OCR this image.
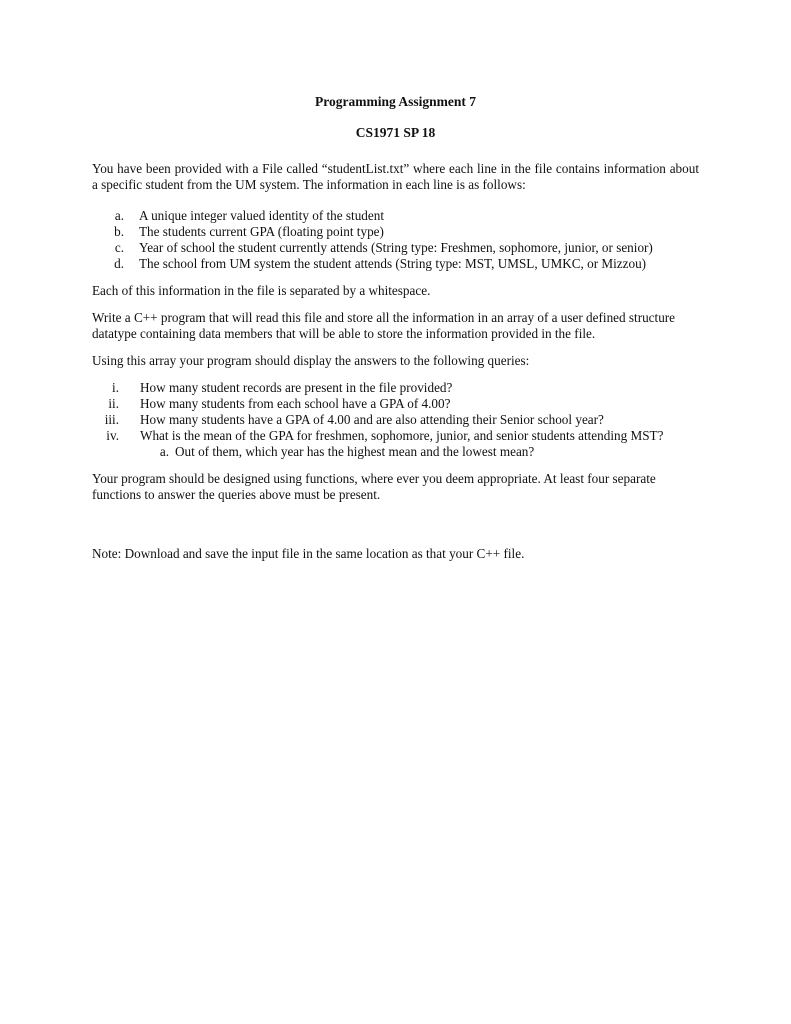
Programming Assignment 7

CS1971 SP 18

You have been provided with a File called “studentList.txt” where each line in the file contains information about a specific student from the UM system. The information in each line is as follows:

a. A unique integer valued identity of the student
b. The students current GPA (floating point type)
c. Year of school the student currently attends (String type: Freshmen, sophomore, junior, or senior)
d. The school from UM system the student attends (String type: MST, UMSL, UMKC, or Mizzou)

Each of this information in the file is separated by a whitespace.

Write a C++ program that will read this file and store all the information in an array of a user defined structure datatype containing data members that will be able to store the information provided in the file.

Using this array your program should display the answers to the following queries:

i. How many student records are present in the file provided?
ii. How many students from each school have a GPA of 4.00?
iii. How many students have a GPA of 4.00 and are also attending their Senior school year?
iv. What is the mean of the GPA for freshmen, sophomore, junior, and senior students attending MST?
a. Out of them, which year has the highest mean and the lowest mean?

Your program should be designed using functions, where ever you deem appropriate. At least four separate functions to answer the queries above must be present.

Note: Download and save the input file in the same location as that your C++ file.
